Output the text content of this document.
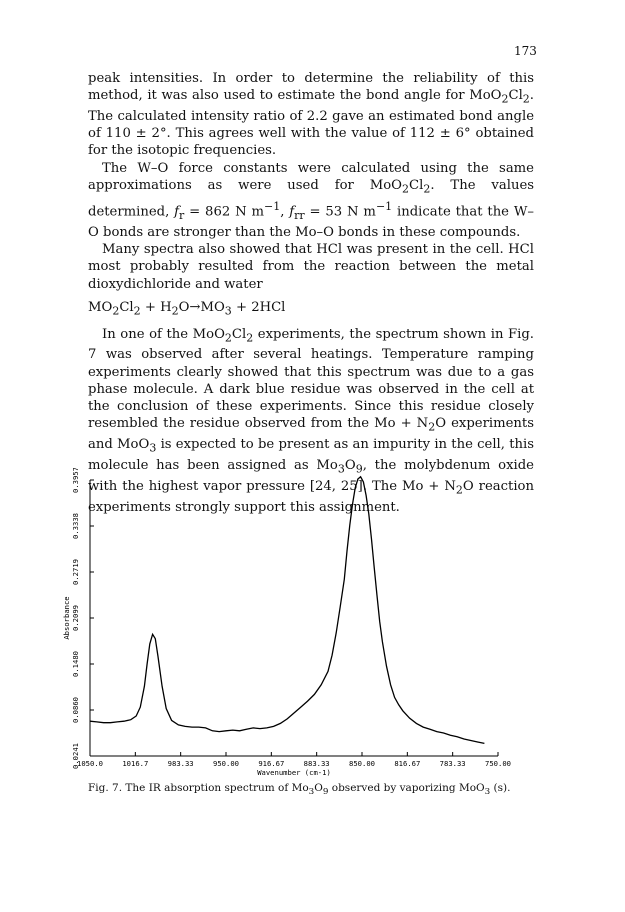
173

peak intensities. In order to determine the reliability of this method, it was also used to estimate the bond angle for $MoO_2Cl_2$. The calculated intensity ratio of 2.2 gave an estimated bond angle of 110 ± 2°. This agrees well with the value of 112 ± 6° obtained for the isotopic frequencies.

The W–O force constants were calculated using the same approximations as were used for $MoO_2Cl_2$. The values determined, $f_r = 862$ N $m^{-1}$, $f_{rr} = 53$ N $m^{-1}$ indicate that the W–O bonds are stronger than the Mo–O bonds in these compounds.

Many spectra also showed that HCl was present in the cell. HCl most probably resulted from the reaction between the metal dioxydichloride and water

$MO_2Cl_2 + H_2O\to MO_3 + 2HCl$

In one of the $MoO_2Cl_2$ experiments, the spectrum shown in Fig. 7 was observed after several heatings. Temperature ramping experiments clearly showed that this spectrum was due to a gas phase molecule. A dark blue residue was observed in the cell at the conclusion of these experiments. Since this residue closely resembled the residue observed from the $Mo + N_2O$ experiments and MoO$_3$ is expected to be present as an impurity in the cell, this molecule has been assigned as $Mo_3O_9$, the molybdenum oxide with the highest vapor pressure [24, 25]. The $Mo + N_2O$ reaction experiments strongly support this assignment.

1050.0	1016.7	983.33	950.00	916.67	883.33	850.00	816.67	783.33	750.00
Wavenumber (cm-1)
0.0241
0.0860
0.1480
0.2099
0.2719
0.3338
0.3957
Absorbance
Fig. 7. The IR absorption spectrum of $Mo_3O_9$ observed by vaporizing MoO$_3$ (s).
